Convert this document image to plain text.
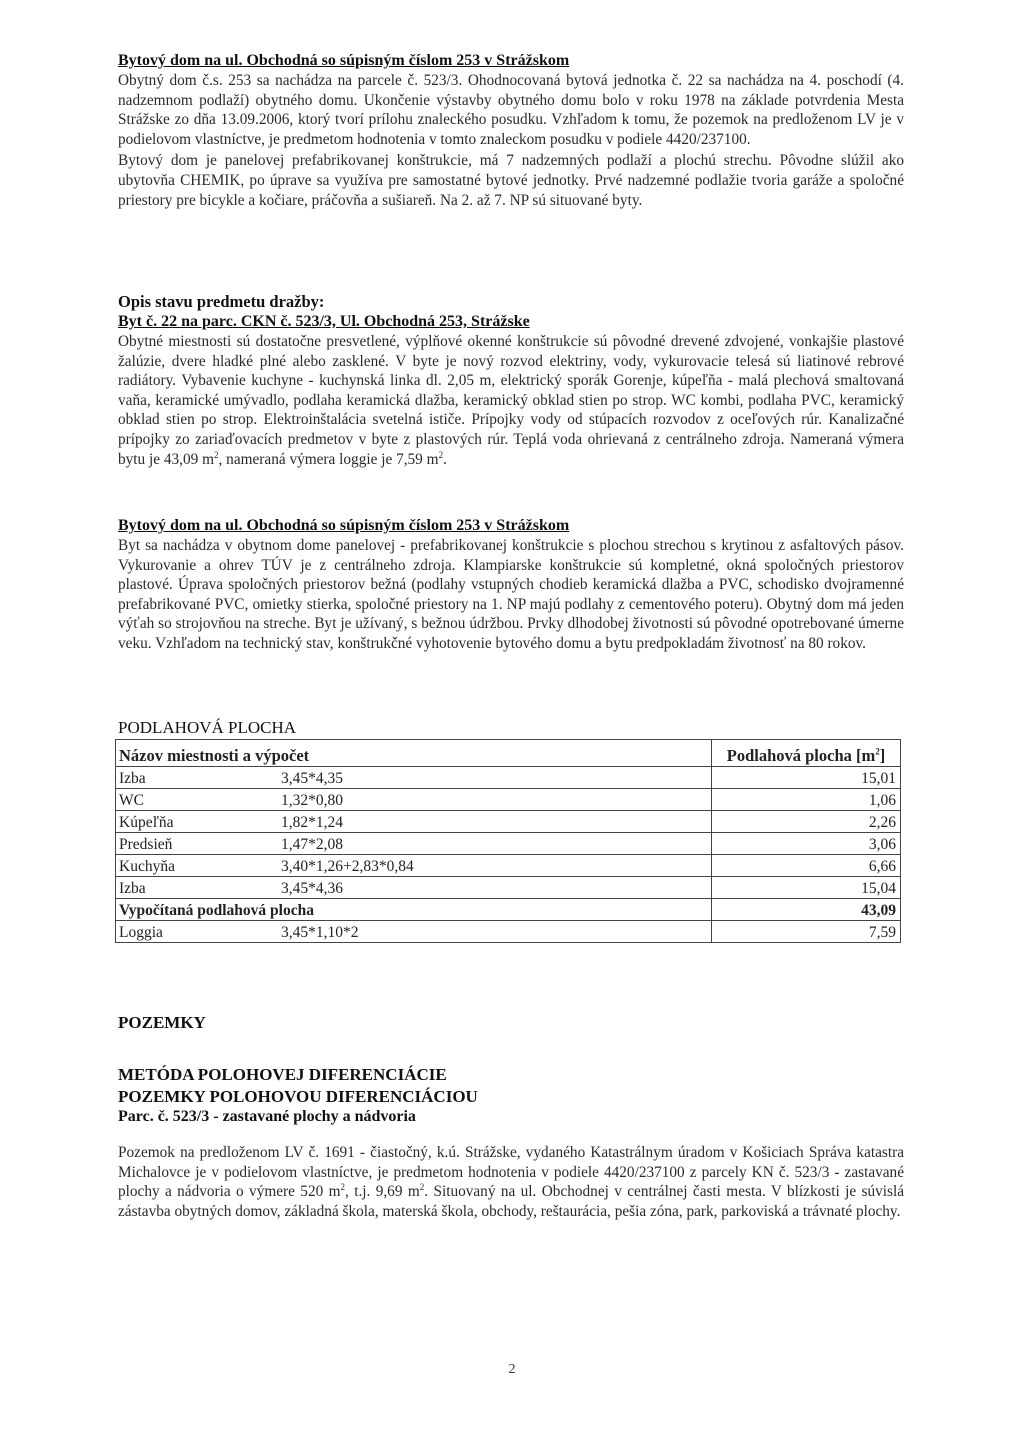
Bytový dom na ul. Obchodná so súpisným číslom 253 v Strážskom

Obytný dom č.s. 253 sa nachádza na parcele č. 523/3. Ohodnocovaná bytová jednotka č. 22 sa nachádza na 4. poschodí (4. nadzemnom podlaží) obytného domu. Ukončenie výstavby obytného domu bolo v roku 1978 na základe potvrdenia Mesta Strážske zo dňa 13.09.2006, ktorý tvorí prílohu znaleckého posudku. Vzhľadom k tomu, že pozemok na predloženom LV je v podielovom vlastníctve, je predmetom hodnotenia v tomto znaleckom posudku v podiele 4420/237100.

Bytový dom je panelovej prefabrikovanej konštrukcie, má 7 nadzemných podlaží a plochú strechu. Pôvodne slúžil ako ubytovňa CHEMIK, po úprave sa využíva pre samostatné bytové jednotky. Prvé nadzemné podlažie tvoria garáže a spoločné priestory pre bicykle a kočiare, práčovňa a sušiareň. Na 2. až 7. NP sú situované byty.

Opis stavu predmetu dražby:

Byt č. 22 na parc. CKN č. 523/3, Ul. Obchodná 253, Strážske

Obytné miestnosti sú dostatočne presvetlené, výplňové okenné konštrukcie sú pôvodné drevené zdvojené, vonkajšie plastové žalúzie, dvere hladké plné alebo zasklené. V byte je nový rozvod elektriny, vody, vykurovacie telesá sú liatinové rebrové radiátory. Vybavenie kuchyne - kuchynská linka dl. 2,05 m, elektrický sporák Gorenje, kúpeľňa - malá plechová smaltovaná vaňa, keramické umývadlo, podlaha keramická dlažba, keramický obklad stien po strop. WC kombi, podlaha PVC, keramický obklad stien po strop. Elektroinštalácia svetelná ističe. Prípojky vody od stúpacích rozvodov z oceľových rúr. Kanalizačné prípojky zo zariaďovacích predmetov v byte z plastových rúr. Teplá voda ohrievaná z centrálneho zdroja. Nameraná výmera bytu je 43,09 $m^2$, nameraná výmera loggie je 7,59 $m^2$.

Bytový dom na ul. Obchodná so súpisným číslom 253 v Strážskom

Byt sa nachádza v obytnom dome panelovej - prefabrikovanej konštrukcie s plochou strechou s krytinou z asfaltových pásov. Vykurovanie a ohrev TÚV je z centrálneho zdroja. Klampiarske konštrukcie sú kompletné, okná spoločných priestorov plastové. Úprava spoločných priestorov bežná (podlahy vstupných chodieb keramická dlažba a PVC, schodisko dvojramenné prefabrikované PVC, omietky stierka, spoločné priestory na 1. NP majú podlahy z cementového poteru). Obytný dom má jeden výťah so strojovňou na streche. Byt je užívaný, s bežnou údržbou. Prvky dlhodobej životnosti sú pôvodné opotrebované úmerne veku. Vzhľadom na technický stav, konštrukčné vyhotovenie bytového domu a bytu predpokladám životnosť na 80 rokov.

PODLAHOVÁ PLOCHA

Názov miestnosti a výpočet	Podlahová plocha $[m^2]$
Izba 3,45*4,35	15,01
WC 1,32*0,80	1,06
Kúpeľňa 1,82*1,24	2,26
Predsieň 1,47*2,08	3,06
Kuchyňa 3,40*1,26+2,83*0,84	6,66
Izba 3,45*4,36	15,04
Vypočítaná podlahová plocha	43,09
Loggia 3,45*1,10*2	7,59

POZEMKY

METÓDA POLOHOVEJ DIFERENCIÁCIE

POZEMKY POLOHOVOU DIFERENCIÁCIOU

Parc. č. 523/3 - zastavané plochy a nádvoria

Pozemok na predloženom LV č. 1691 - čiastočný, k.ú. Strážske, vydaného Katastrálnym úradom v Košiciach Správa katastra Michalovce je v podielovom vlastníctve, je predmetom hodnotenia v podiele 4420/237100 z parcely KN č. 523/3 - zastavané plochy a nádvoria o výmere 520 $m^2$, t.j. 9,69 $m^2$. Situovaný na ul. Obchodnej v centrálnej časti mesta. V blízkosti je súvislá zástavba obytných domov, základná škola, materská škola, obchody, reštaurácia, pešia zóna, park, parkoviská a trávnaté plochy.

2
